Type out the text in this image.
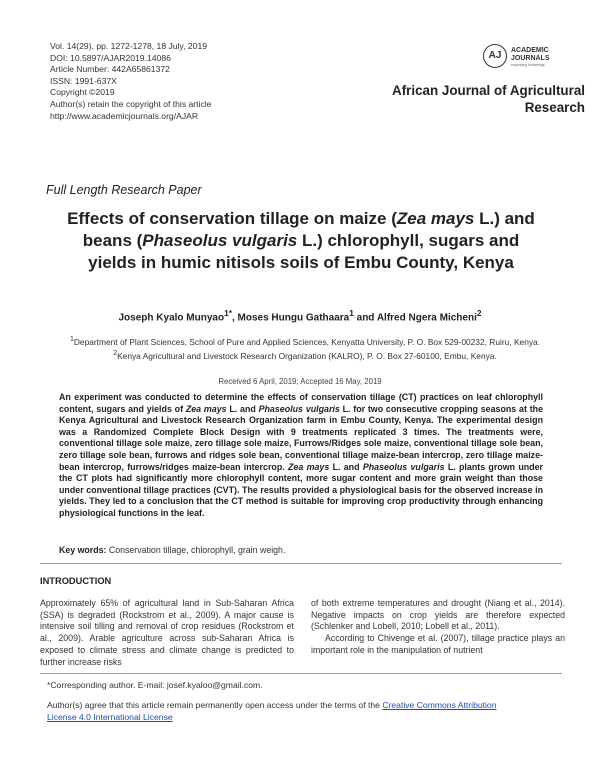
Vol. 14(29), pp. 1272-1278, 18 July, 2019
DOI: 10.5897/AJAR2019.14086
Article Number: 442A65861372
ISSN: 1991-637X
Copyright ©2019
Author(s) retain the copyright of this article
http://www.academicjournals.org/AJAR
AJ	ACADEMIC
JOURNALS
expanding knowledge
African Journal of Agricultural Research
Full Length Research Paper
Effects of conservation tillage on maize (Zea mays L.) and beans (Phaseolus vulgaris L.) chlorophyll, sugars and yields in humic nitisols soils of Embu County, Kenya
Joseph Kyalo Munyao$^{1*}$, Moses Hungu Gathaara$^1$ and Alfred Ngera Micheni$^2$
$^1$Department of Plant Sciences, School of Pure and Applied Sciences, Kenyatta University, P. O. Box 529-00232, Ruiru, Kenya.
$^2$Kenya Agricultural and Livestock Research Organization (KALRO), P. O. Box 27-60100, Embu, Kenya.
Received 6 April, 2019; Accepted 16 May, 2019
An experiment was conducted to determine the effects of conservation tillage (CT) practices on leaf chlorophyll content, sugars and yields of Zea mays L. and Phaseolus vulgaris L. for two consecutive cropping seasons at the Kenya Agricultural and Livestock Research Organization farm in Embu County, Kenya. The experimental design was a Randomized Complete Block Design with 9 treatments replicated 3 times. The treatments were, conventional tillage sole maize, zero tillage sole maize, Furrows/Ridges sole maize, conventional tillage sole bean, zero tillage sole bean, furrows and ridges sole bean, conventional tillage maize-bean intercrop, zero tillage maize-bean intercrop, furrows/ridges maize-bean intercrop. Zea mays L. and Phaseolus vulgaris L. plants grown under the CT plots had significantly more chlorophyll content, more sugar content and more grain weight than those under conventional tillage practices (CVT). The results provided a physiological basis for the observed increase in yields. They led to a conclusion that the CT method is suitable for improving crop productivity through enhancing physiological functions in the leaf.
Key words: Conservation tillage, chlorophyll, grain weigh.
INTRODUCTION

Approximately 65% of agricultural land in Sub-Saharan Africa (SSA) is degraded (Rockstrom et al., 2009). A major cause is intensive soil tilling and removal of crop residues (Rockstrom et al., 2009). Arable agriculture across sub-Saharan Africa is exposed to climate stress and climate change is predicted to further increase risks

of both extreme temperatures and drought (Niang et al., 2014). Negative impacts on crop yields are therefore expected (Schlenker and Lobell, 2010; Lobell et al., 2011).

According to Chivenge et al. (2007), tillage practice plays an important role in the manipulation of nutrient

*Corresponding author. E-mail: josef.kyaloo@gmail.com.
Author(s) agree that this article remain permanently open access under the terms of the Creative Commons Attribution License 4.0 International License
